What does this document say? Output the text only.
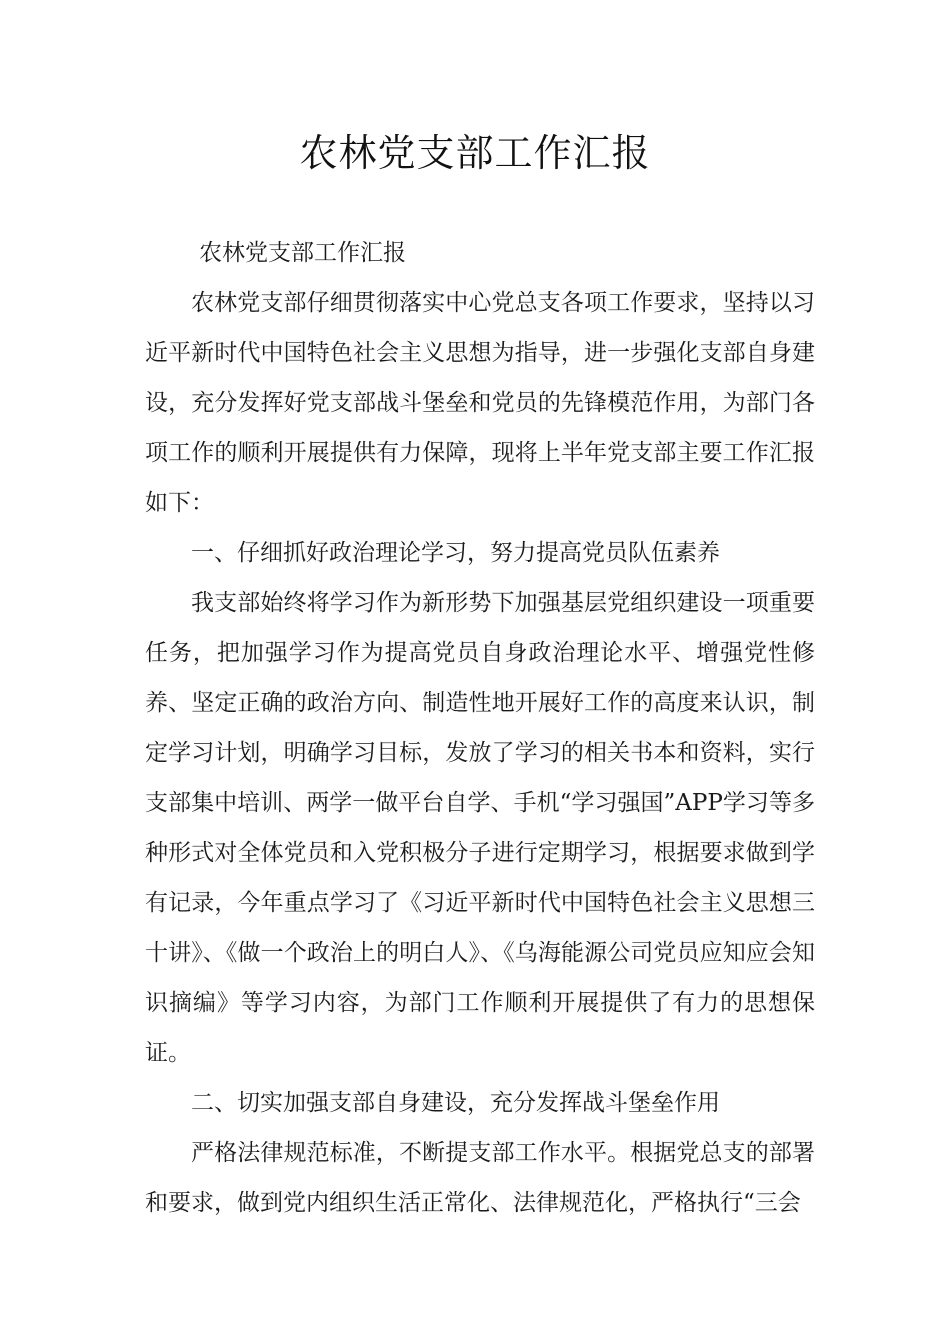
农林党支部工作汇报

农林党支部工作汇报

农林党支部仔细贯彻落实中心党总支各项工作要求，坚持以习近平新时代中国特色社会主义思想为指导，进一步强化支部自身建设，充分发挥好党支部战斗堡垒和党员的先锋模范作用，为部门各项工作的顺利开展提供有力保障，现将上半年党支部主要工作汇报如下：

一、仔细抓好政治理论学习，努力提高党员队伍素养

我支部始终将学习作为新形势下加强基层党组织建设一项重要任务，把加强学习作为提高党员自身政治理论水平、增强党性修养、坚定正确的政治方向、制造性地开展好工作的高度来认识，制定学习计划，明确学习目标，发放了学习的相关书本和资料，实行支部集中培训、两学一做平台自学、手机“学习强国”APP学习等多种形式对全体党员和入党积极分子进行定期学习，根据要求做到学有记录，今年重点学习了《习近平新时代中国特色社会主义思想三十讲》、《做一个政治上的明白人》、《乌海能源公司党员应知应会知识摘编》等学习内容，为部门工作顺利开展提供了有力的思想保证。

二、切实加强支部自身建设，充分发挥战斗堡垒作用

严格法律规范标准，不断提支部工作水平。根据党总支的部署和要求，做到党内组织生活正常化、法律规范化，严格执行“三会
